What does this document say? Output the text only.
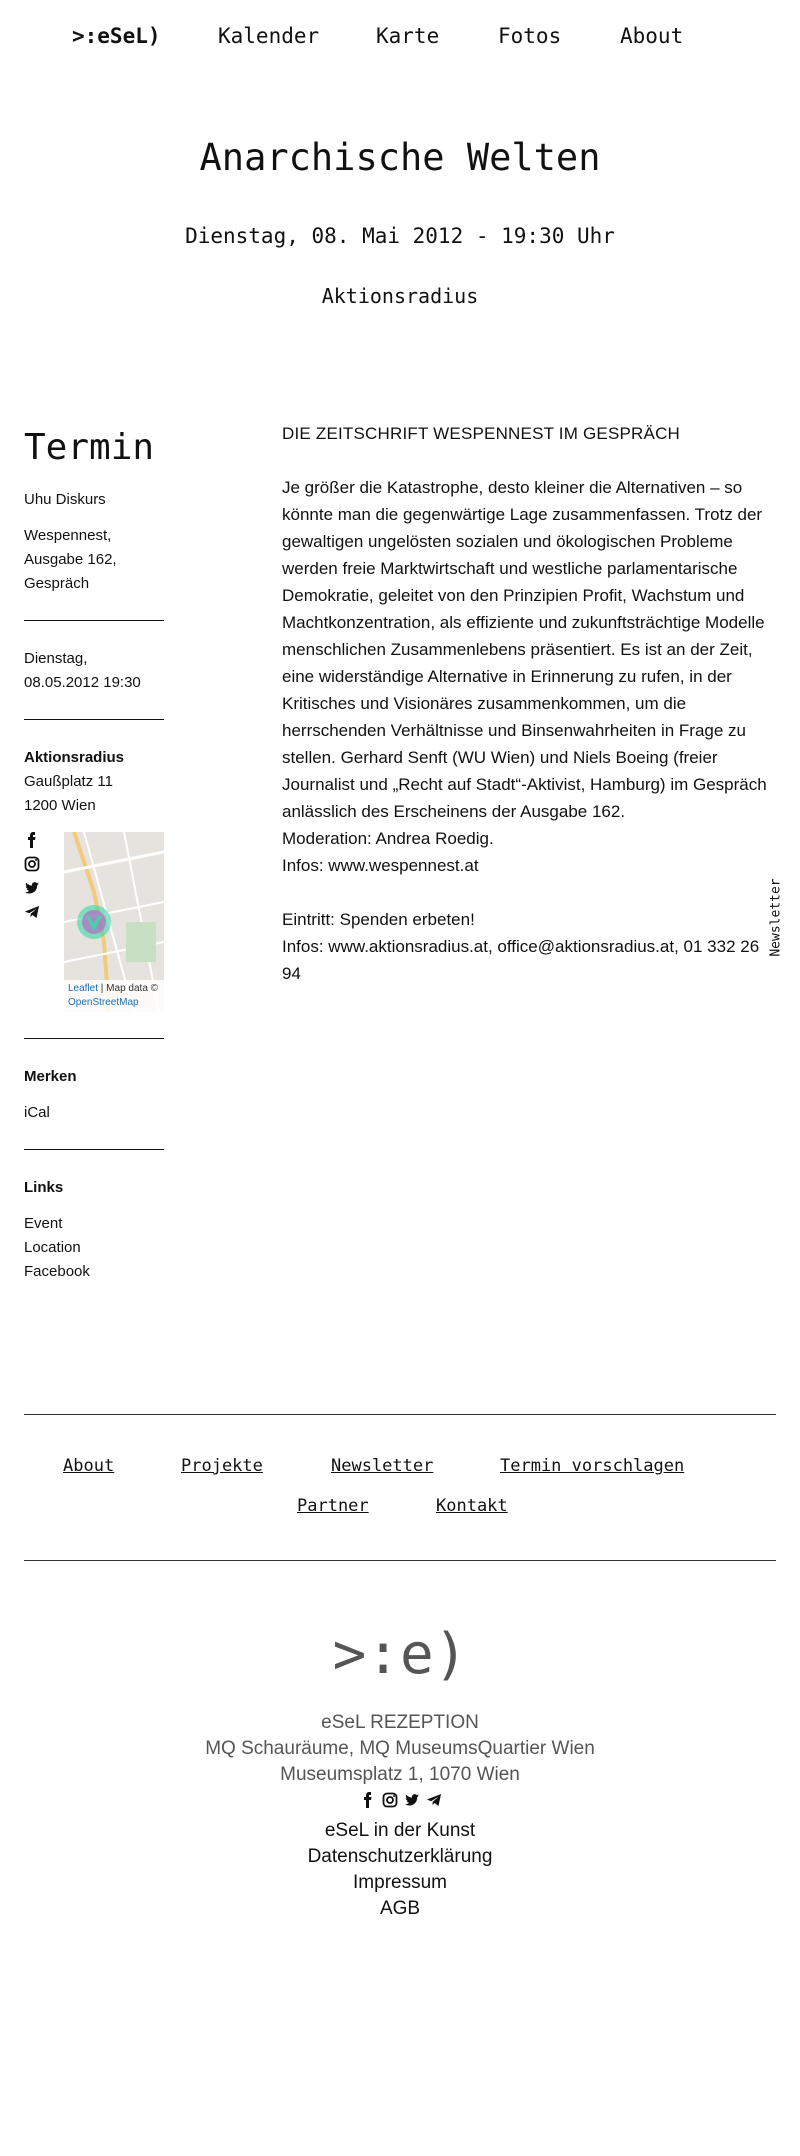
>:eSeL)	Kalender	Karte	Fotos	About
Anarchische Welten
Dienstag, 08. Mai 2012 - 19:30 Uhr
Aktionsradius
Termin

Uhu Diskurs

Wespennest, Ausgabe 162, Gespräch

Dienstag,
08.05.2012 19:30

Aktionsradius
Gaußplatz 11
1200 Wien
Leaflet | Map data ©
OpenStreetMap

Merken

iCal

Links

Event
Location
Facebook

DIE ZEITSCHRIFT WESPENNEST IM GESPRÄCH

Je größer die Katastrophe, desto kleiner die Alternativen – so könnte man die gegenwärtige Lage zusammenfassen. Trotz der gewaltigen ungelösten sozialen und ökologischen Probleme werden freie Marktwirtschaft und westliche parlamentarische Demokratie, geleitet von den Prinzipien Profit, Wachstum und Machtkonzentration, als effiziente und zukunftsträchtige Modelle menschlichen Zusammenlebens präsentiert. Es ist an der Zeit, eine widerständige Alternative in Erinnerung zu rufen, in der Kritisches und Visionäres zusammenkommen, um die herrschenden Verhältnisse und Binsenwahrheiten in Frage zu stellen. Gerhard Senft (WU Wien) und Niels Boeing (freier Journalist und „Recht auf Stadt“-Aktivist, Hamburg) im Gespräch anlässlich des Erscheinens der Ausgabe 162.

Moderation: Andrea Roedig.

Infos: www.wespennest.at

Eintritt: Spenden erbeten!

Infos: www.aktionsradius.at, office@aktionsradius.at, 01 332 26 94

Newsletter
About	Projekte	Newsletter	Termin vorschlagen
Partner	Kontakt
>:e)
eSeL REZEPTION
MQ Schauräume, MQ MuseumsQuartier Wien
Museumsplatz 1, 1070 Wien
eSeL in der Kunst
Datenschutzerklärung
Impressum
AGB
